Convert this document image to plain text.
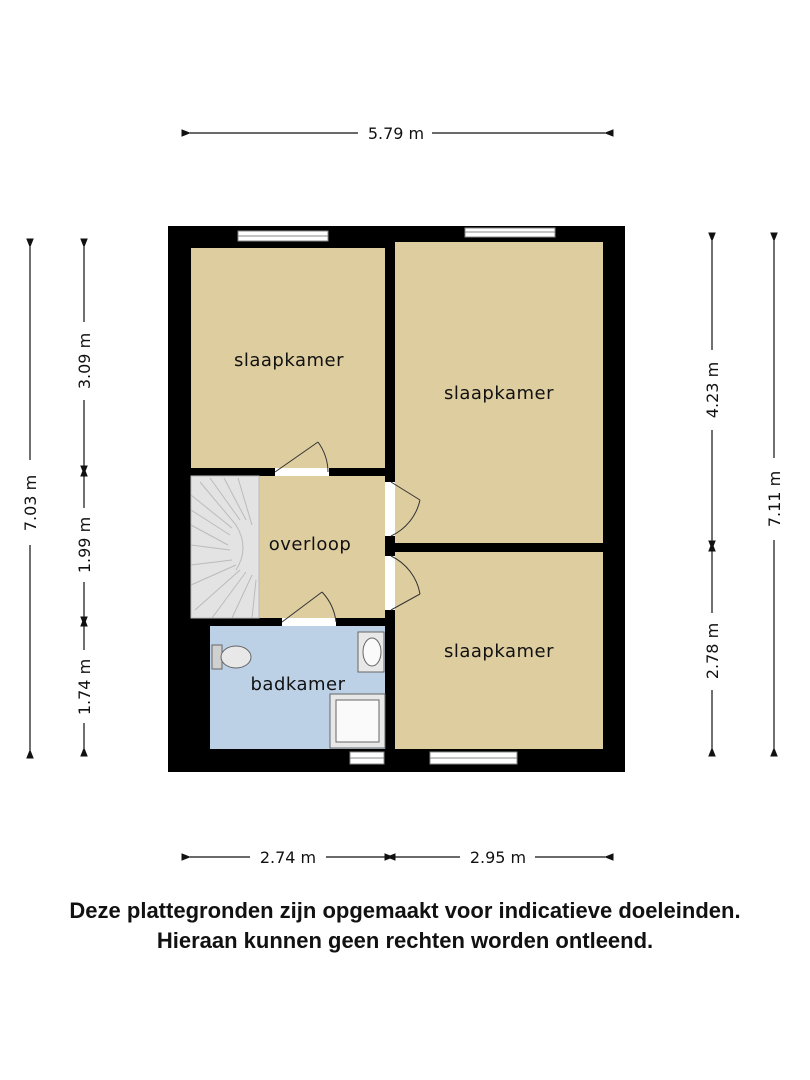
slaapkamer
slaapkamer
slaapkamer
overloop
badkamer
5.79 m
2.74 m	2.95 m
7.03 m
3.09 m
1.99 m
1.74 m
4.23 m
2.78 m
7.11 m
Deze plattegronden zijn opgemaakt voor indicatieve doeleinden.
Hieraan kunnen geen rechten worden ontleend.
